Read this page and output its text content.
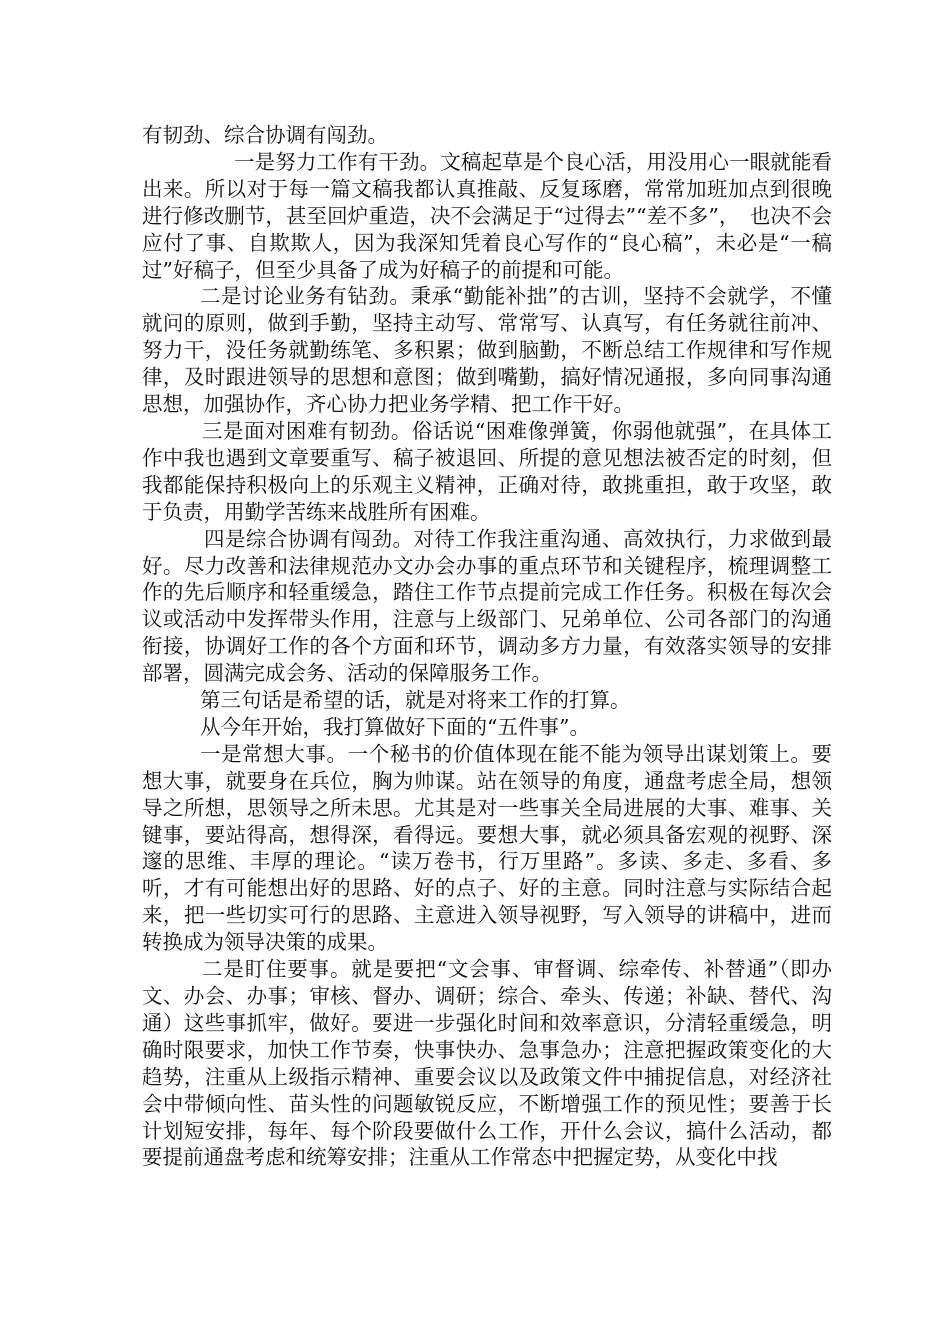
有韧劲、综合协调有闯劲。

一是努力工作有干劲。文稿起草是个良心活，用没用心一眼就能看出来。所以对于每一篇文稿我都认真推敲、反复琢磨，常常加班加点到很晚进行修改删节，甚至回炉重造，决不会满足于“过得去”“差不多”，　也决不会应付了事、自欺欺人，因为我深知凭着良心写作的“良心稿”，未必是“一稿过”好稿子，但至少具备了成为好稿子的前提和可能。

二是讨论业务有钻劲。秉承“勤能补拙”的古训，坚持不会就学，不懂就问的原则，做到手勤，坚持主动写、常常写、认真写，有任务就往前冲、努力干，没任务就勤练笔、多积累；做到脑勤，不断总结工作规律和写作规律，及时跟进领导的思想和意图；做到嘴勤，搞好情况通报，多向同事沟通思想，加强协作，齐心协力把业务学精、把工作干好。

三是面对困难有韧劲。俗话说“困难像弹簧，你弱他就强”，在具体工作中我也遇到文章要重写、稿子被退回、所提的意见想法被否定的时刻，但我都能保持积极向上的乐观主义精神，正确对待，敢挑重担，敢于攻坚，敢于负责，用勤学苦练来战胜所有困难。

四是综合协调有闯劲。对待工作我注重沟通、高效执行，力求做到最好。尽力改善和法律规范办文办会办事的重点环节和关键程序，梳理调整工作的先后顺序和轻重缓急，踏住工作节点提前完成工作任务。积极在每次会议或活动中发挥带头作用，注意与上级部门、兄弟单位、公司各部门的沟通衔接，协调好工作的各个方面和环节，调动多方力量，有效落实领导的安排部署，圆满完成会务、活动的保障服务工作。

第三句话是希望的话，就是对将来工作的打算。

从今年开始，我打算做好下面的“五件事”。

一是常想大事。一个秘书的价值体现在能不能为领导出谋划策上。要想大事，就要身在兵位，胸为帅谋。站在领导的角度，通盘考虑全局，想领导之所想，思领导之所未思。尤其是对一些事关全局进展的大事、难事、关键事，要站得高，想得深，看得远。要想大事，就必须具备宏观的视野、深邃的思维、丰厚的理论。“读万卷书，行万里路”。多读、多走、多看、多听，才有可能想出好的思路、好的点子、好的主意。同时注意与实际结合起来，把一些切实可行的思路、主意进入领导视野，写入领导的讲稿中，进而转换成为领导决策的成果。

二是盯住要事。就是要把“文会事、审督调、综牵传、补替通”（即办文、办会、办事；审核、督办、调研；综合、牵头、传递；补缺、替代、沟通）这些事抓牢，做好。要进一步强化时间和效率意识，分清轻重缓急，明确时限要求，加快工作节奏，快事快办、急事急办；注意把握政策变化的大趋势，注重从上级指示精神、重要会议以及政策文件中捕捉信息，对经济社会中带倾向性、苗头性的问题敏锐反应，不断增强工作的预见性；要善于长计划短安排，每年、每个阶段要做什么工作，开什么会议，搞什么活动，都要提前通盘考虑和统筹安排；注重从工作常态中把握定势，从变化中找
